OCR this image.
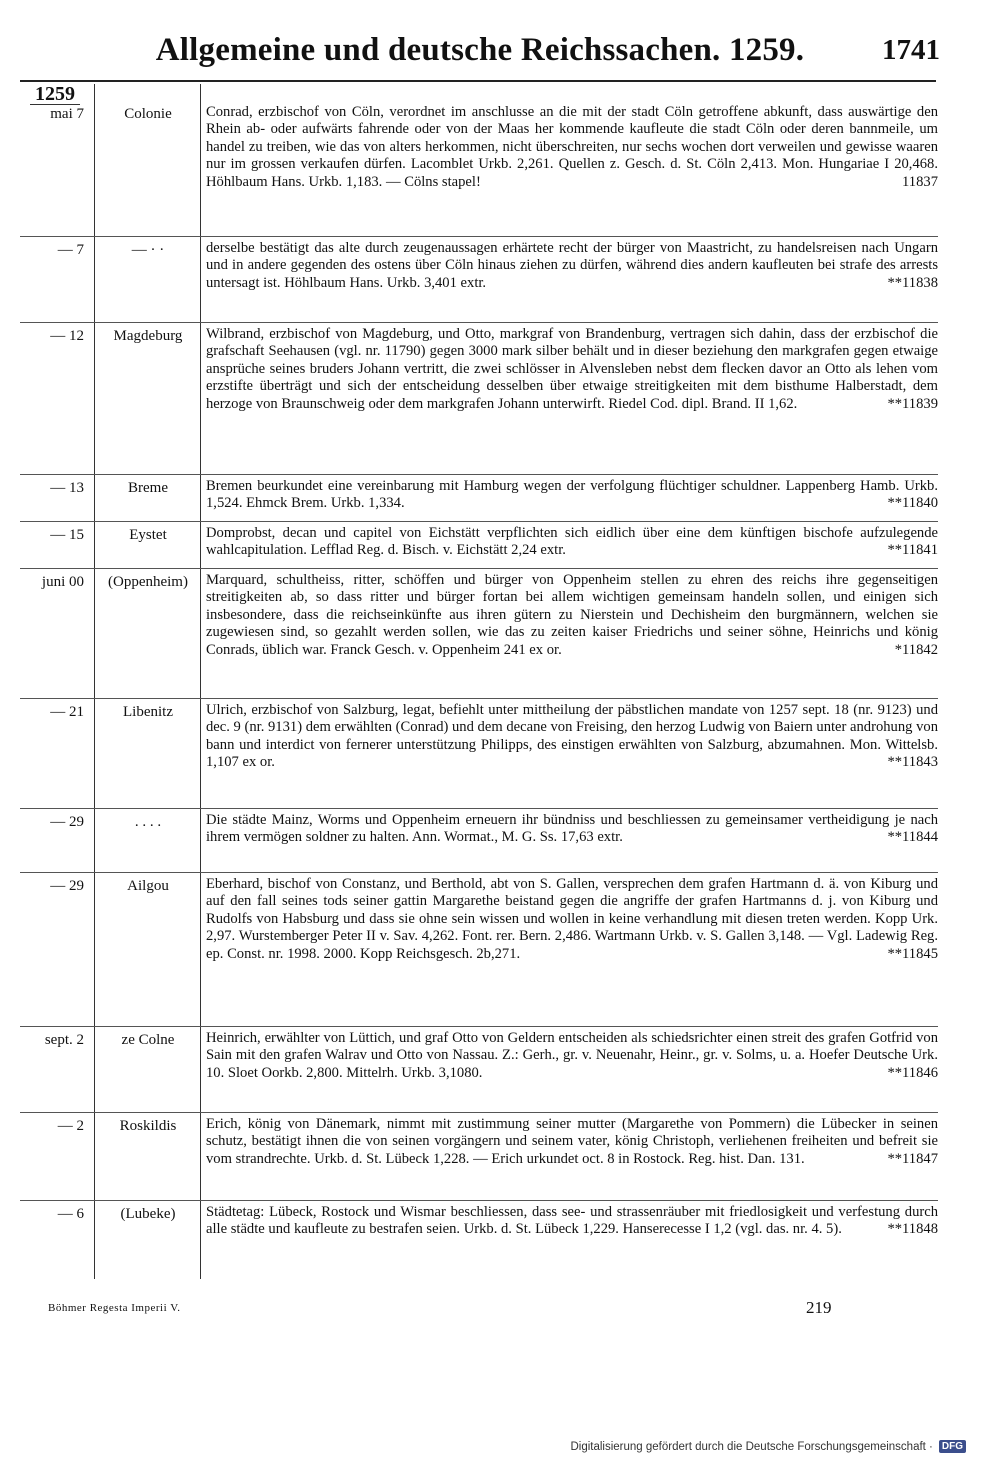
Allgemeine und deutsche Reichssachen. 1259.	1741
1259
mai 7	Colonie	Conrad, erzbischof von Cöln, verordnet im anschlusse an die mit der stadt Cöln getroffene abkunft, dass auswärtige den Rhein ab- oder aufwärts fahrende oder von der Maas her kommende kaufleute die stadt Cöln oder deren bannmeile, um handel zu treiben, wie das von alters herkommen, nicht überschreiten, nur sechs wochen dort verweilen und gewisse waaren nur im grossen verkaufen dürfen. Lacomblet Urkb. 2,261. Quellen z. Gesch. d. St. Cöln 2,413. Mon. Hungariae I 20,468. Höhlbaum Hans. Urkb. 1,183. — Cölns stapel!	11837
— 7	— · ·	derselbe bestätigt das alte durch zeugenaussagen erhärtete recht der bürger von Maastricht, zu handelsreisen nach Ungarn und in andere gegenden des ostens über Cöln hinaus ziehen zu dürfen, während dies andern kaufleuten bei strafe des arrests untersagt ist. Höhlbaum Hans. Urkb. 3,401 extr.	**11838
— 12	Magdeburg	Wilbrand, erzbischof von Magdeburg, und Otto, markgraf von Brandenburg, vertragen sich dahin, dass der erzbischof die grafschaft Seehausen (vgl. nr. 11790) gegen 3000 mark silber behält und in dieser beziehung den markgrafen gegen etwaige ansprüche seines bruders Johann vertritt, die zwei schlösser in Alvensleben nebst dem flecken davor an Otto als lehen vom erzstifte überträgt und sich der entscheidung desselben über etwaige streitigkeiten mit dem bisthume Halberstadt, dem herzoge von Braunschweig oder dem markgrafen Johann unterwirft. Riedel Cod. dipl. Brand. II 1,62.	**11839
— 13	Breme	Bremen beurkundet eine vereinbarung mit Hamburg wegen der verfolgung flüchtiger schuldner. Lappenberg Hamb. Urkb. 1,524. Ehmck Brem. Urkb. 1,334.	**11840
— 15	Eystet	Domprobst, decan und capitel von Eichstätt verpflichten sich eidlich über eine dem künftigen bischofe aufzulegende wahlcapitulation. Lefflad Reg. d. Bisch. v. Eichstätt 2,24 extr.	**11841
juni 00	(Oppenheim)	Marquard, schultheiss, ritter, schöffen und bürger von Oppenheim stellen zu ehren des reichs ihre gegenseitigen streitigkeiten ab, so dass ritter und bürger fortan bei allem wichtigen gemeinsam handeln sollen, und einigen sich insbesondere, dass die reichseinkünfte aus ihren gütern zu Nierstein und Dechisheim den burgmännern, welchen sie zugewiesen sind, so gezahlt werden sollen, wie das zu zeiten kaiser Friedrichs und seiner söhne, Heinrichs und könig Conrads, üblich war. Franck Gesch. v. Oppenheim 241 ex or.	*11842
— 21	Libenitz	Ulrich, erzbischof von Salzburg, legat, befiehlt unter mittheilung der päbstlichen mandate von 1257 sept. 18 (nr. 9123) und dec. 9 (nr. 9131) dem erwählten (Conrad) und dem decane von Freising, den herzog Ludwig von Baiern unter androhung von bann und interdict von fernerer unterstützung Philipps, des einstigen erwählten von Salzburg, abzumahnen. Mon. Wittelsb. 1,107 ex or.	**11843
— 29	. . . .	Die städte Mainz, Worms und Oppenheim erneuern ihr bündniss und beschliessen zu gemeinsamer vertheidigung je nach ihrem vermögen soldner zu halten. Ann. Wormat., M. G. Ss. 17,63 extr.	**11844
— 29	Ailgou	Eberhard, bischof von Constanz, und Berthold, abt von S. Gallen, versprechen dem grafen Hartmann d. ä. von Kiburg und auf den fall seines tods seiner gattin Margarethe beistand gegen die angriffe der grafen Hartmanns d. j. von Kiburg und Rudolfs von Habsburg und dass sie ohne sein wissen und wollen in keine verhandlung mit diesen treten werden. Kopp Urk. 2,97. Wurstemberger Peter II v. Sav. 4,262. Font. rer. Bern. 2,486. Wartmann Urkb. v. S. Gallen 3,148. — Vgl. Ladewig Reg. ep. Const. nr. 1998. 2000. Kopp Reichsgesch. 2b,271.	**11845
sept. 2	ze Colne	Heinrich, erwählter von Lüttich, und graf Otto von Geldern entscheiden als schiedsrichter einen streit des grafen Gotfrid von Sain mit den grafen Walrav und Otto von Nassau. Z.: Gerh., gr. v. Neuenahr, Heinr., gr. v. Solms, u. a. Hoefer Deutsche Urk. 10. Sloet Oorkb. 2,800. Mittelrh. Urkb. 3,1080.	**11846
— 2	Roskildis	Erich, könig von Dänemark, nimmt mit zustimmung seiner mutter (Margarethe von Pommern) die Lübecker in seinen schutz, bestätigt ihnen die von seinen vorgängern und seinem vater, könig Christoph, verliehenen freiheiten und befreit sie vom strandrechte. Urkb. d. St. Lübeck 1,228. — Erich urkundet oct. 8 in Rostock. Reg. hist. Dan. 131.	**11847
— 6	(Lubeke)	Städtetag: Lübeck, Rostock und Wismar beschliessen, dass see- und strassenräuber mit friedlosigkeit und verfestung durch alle städte und kaufleute zu bestrafen seien. Urkb. d. St. Lübeck 1,229. Hanserecesse I 1,2 (vgl. das. nr. 4. 5).	**11848
Böhmer Regesta Imperii V.	219
Digitalisierung gefördert durch die Deutsche Forschungsgemeinschaft · DFG
